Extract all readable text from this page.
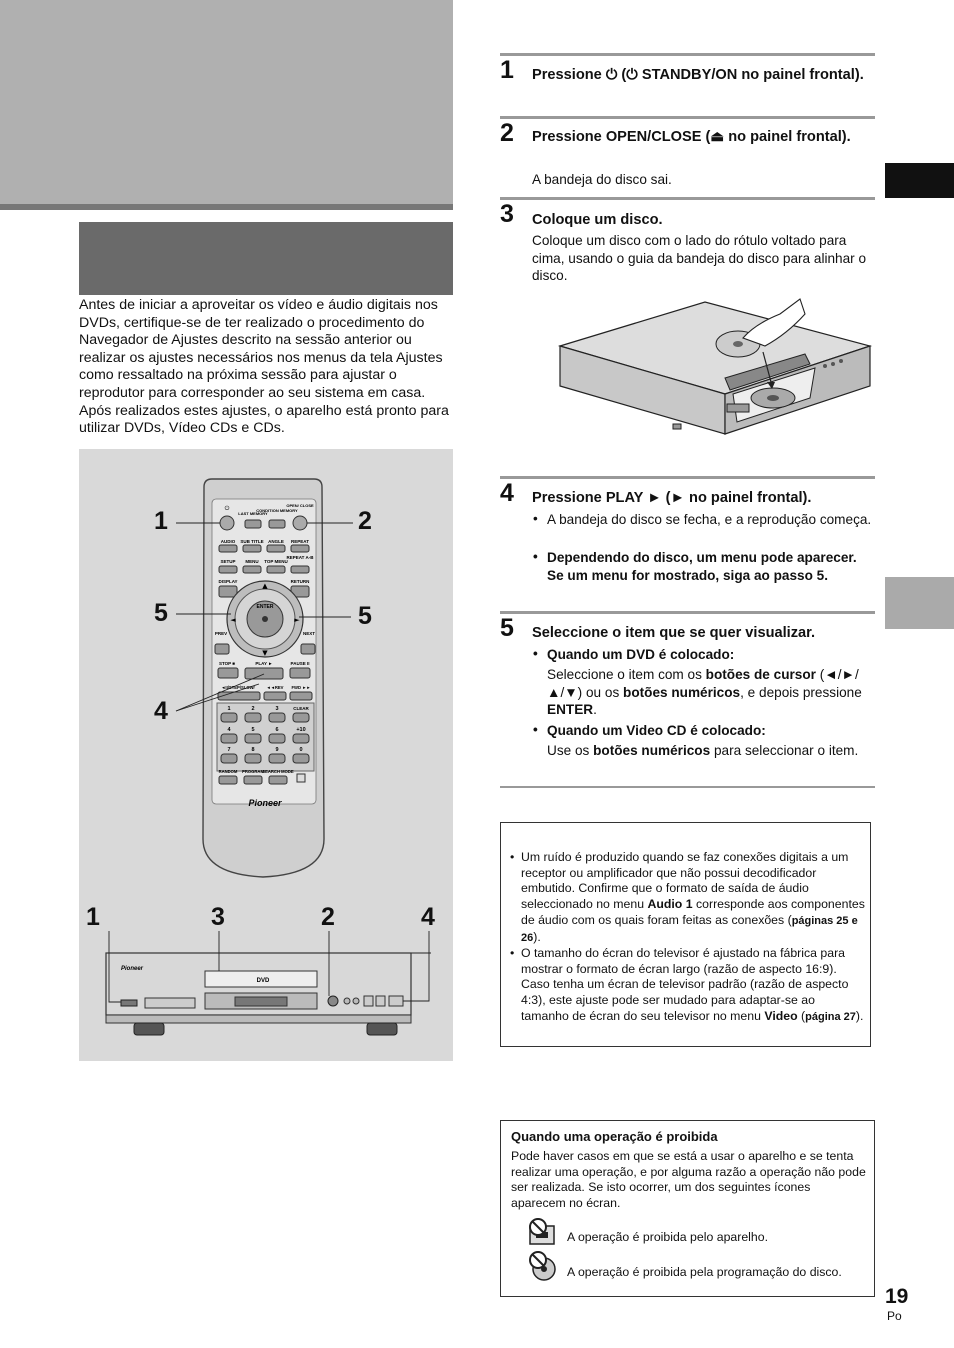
Antes de iniciar a aproveitar os vídeo e áudio digitais nos DVDs, certifique-se de ter realizado o procedimento do Navegador de Ajustes descrito na sessão anterior ou realizar os ajustes necessários nos menus da tela Ajustes como ressaltado na próxima sessão para ajustar o reprodutor para corresponder ao seu sistema em casa. Após realizados estes ajustes, o aparelho está pronto para utilizar DVDs, Vídeo CDs e CDs.
⏻
LAST MEMORY
CONDITION MEMORY
OPEN/ CLOSE
AUDIO SUB TITLE ANGLE REPEAT
SETUP MENU TOP MENU
REPEAT A-B
DISPLAY	RETURN
ENTER
▲
▼
◄	►
PREV	NEXT
STOP ■	PLAY ►	PAUSE II
◄II/STEP/SLOW/	◄◄REV FWD ►►
1	2	3	CLEAR
4	5	6	+10
7	8	9	0
RANDOM PROGRAM
SEARCH MODE
Pioneer
Pioneer
DVD
1	2
5	5
4
1	3	2	4
1 Pressione ⏻ (⏻ STANDBY/ON no painel frontal).
2 Pressione OPEN/CLOSE (⏏ no painel frontal).
A bandeja do disco sai.
3 Coloque um disco.
Coloque um disco com o lado do rótulo voltado para cima, usando o guia da bandeja do disco para alinhar o disco.
4 Pressione PLAY ► (► no painel frontal).
• A bandeja do disco se fecha, e a reprodução começa.
• Dependendo do disco, um menu pode aparecer. Se um menu for mostrado, siga ao passo 5.
5 Seleccione o item que se quer visualizar.
• Quando um DVD é colocado:
Seleccione o item com os botões de cursor (◄/►/▲/▼) ou os botões numéricos, e depois pressione ENTER.
• Quando um Video CD é colocado:
Use os botões numéricos para seleccionar o item.
• Um ruído é produzido quando se faz conexões digitais a um receptor ou amplificador que não possui decodificador embutido. Confirme que o formato de saída de áudio seleccionado no menu Audio 1 corresponde aos componentes de áudio com os quais foram feitas as conexões (páginas 25 e 26).
• O tamanho do écran do televisor é ajustado na fábrica para mostrar o formato de écran largo (razão de aspecto 16:9). Caso tenha um écran de televisor padrão (razão de aspecto 4:3), este ajuste pode ser mudado para adaptar-se ao tamanho de écran do seu televisor no menu Video (página 27).
Quando uma operação é proibida
Pode haver casos em que se está a usar o aparelho e se tenta realizar uma operação, e por alguma razão a operação não pode ser realizada. Se isto ocorrer, um dos seguintes ícones aparecem no écran.
A operação é proibida pelo aparelho.
A operação é proibida pela programação do disco.
19
Po
